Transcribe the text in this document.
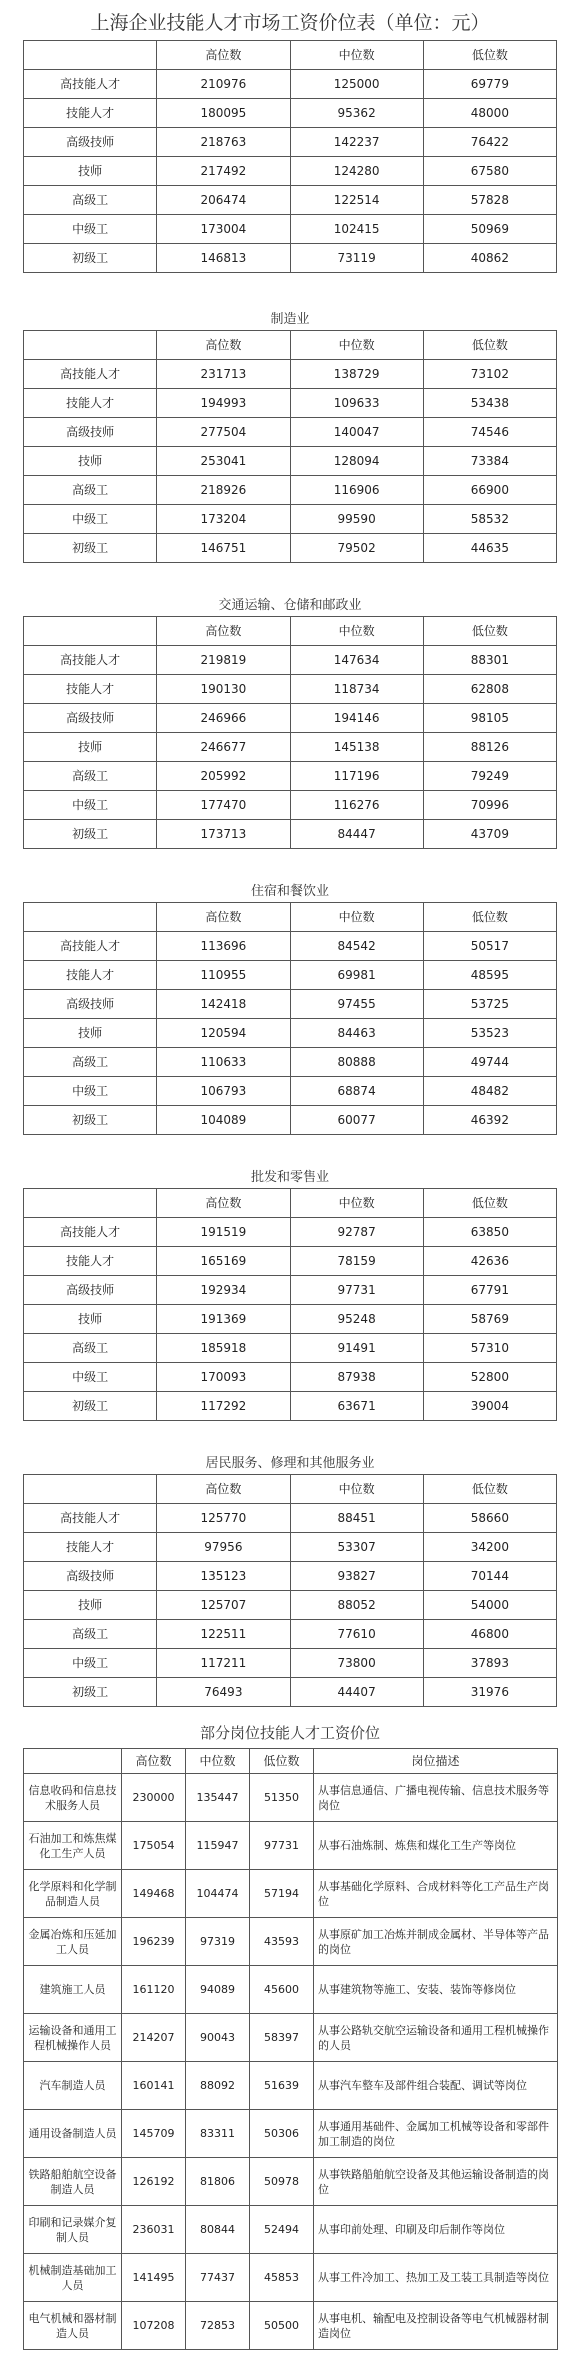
上海企业技能人才市场工资价位表（单位：元）
	高位数	中位数	低位数
高技能人才	210976	125000	69779
技能人才	180095	95362	48000
高级技师	218763	142237	76422
技师	217492	124280	67580
高级工	206474	122514	57828
中级工	173004	102415	50969
初级工	146813	73119	40862
制造业
	高位数	中位数	低位数
高技能人才	231713	138729	73102
技能人才	194993	109633	53438
高级技师	277504	140047	74546
技师	253041	128094	73384
高级工	218926	116906	66900
中级工	173204	99590	58532
初级工	146751	79502	44635
交通运输、仓储和邮政业
	高位数	中位数	低位数
高技能人才	219819	147634	88301
技能人才	190130	118734	62808
高级技师	246966	194146	98105
技师	246677	145138	88126
高级工	205992	117196	79249
中级工	177470	116276	70996
初级工	173713	84447	43709
住宿和餐饮业
	高位数	中位数	低位数
高技能人才	113696	84542	50517
技能人才	110955	69981	48595
高级技师	142418	97455	53725
技师	120594	84463	53523
高级工	110633	80888	49744
中级工	106793	68874	48482
初级工	104089	60077	46392
批发和零售业
	高位数	中位数	低位数
高技能人才	191519	92787	63850
技能人才	165169	78159	42636
高级技师	192934	97731	67791
技师	191369	95248	58769
高级工	185918	91491	57310
中级工	170093	87938	52800
初级工	117292	63671	39004
居民服务、修理和其他服务业
	高位数	中位数	低位数
高技能人才	125770	88451	58660
技能人才	97956	53307	34200
高级技师	135123	93827	70144
技师	125707	88052	54000
高级工	122511	77610	46800
中级工	117211	73800	37893
初级工	76493	44407	31976
部分岗位技能人才工资价位
	高位数	中位数	低位数	岗位描述
信息收码和信息技术服务人员	230000	135447	51350	从事信息通信、广播电视传输、信息技术服务等岗位
石油加工和炼焦煤化工生产人员	175054	115947	97731	从事石油炼制、炼焦和煤化工生产等岗位
化学原料和化学制品制造人员	149468	104474	57194	从事基础化学原料、合成材料等化工产品生产岗位
金属冶炼和压延加工人员	196239	97319	43593	从事原矿加工冶炼并制成金属材、半导体等产品的岗位
建筑施工人员	161120	94089	45600	从事建筑物等施工、安装、装饰等修岗位
运输设备和通用工程机械操作人员	214207	90043	58397	从事公路轨交航空运输设备和通用工程机械操作的人员
汽车制造人员	160141	88092	51639	从事汽车整车及部件组合装配、调试等岗位
通用设备制造人员	145709	83311	50306	从事通用基础件、金属加工机械等设备和零部件加工制造的岗位
铁路船舶航空设备制造人员	126192	81806	50978	从事铁路船舶航空设备及其他运输设备制造的岗位
印刷和记录媒介复制人员	236031	80844	52494	从事印前处理、印刷及印后制作等岗位
机械制造基础加工人员	141495	77437	45853	从事工件冷加工、热加工及工装工具制造等岗位
电气机械和器材制造人员	107208	72853	50500	从事电机、输配电及控制设备等电气机械器材制造岗位
